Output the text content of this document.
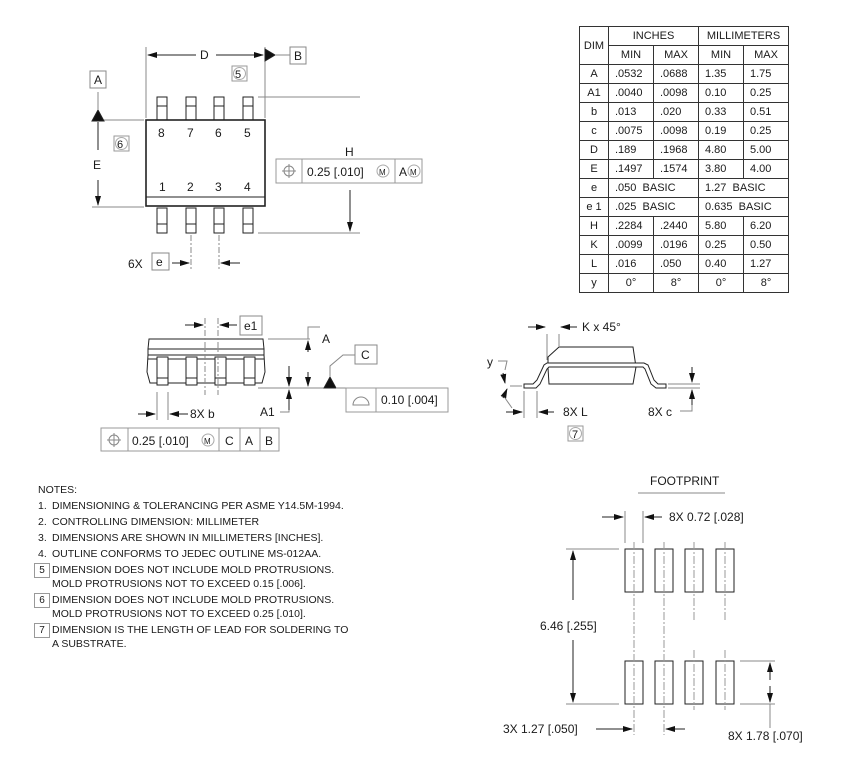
D	B
A	5
6
E
H
8 7 6 5
1 2 3 4
6X e
0.25 [.010] M A M
e1
A
A1
C
8X b
0.10 [.004]
0.25 [.010] M C A B
K x 45°
y
8X L	8X c
7
FOOTPRINT
8X 0.72 [.028]
6.46 [.255]
3X 1.27 [.050]	8X 1.78 [.070]
DIM	INCHES		MILLIMETERS	
	MIN	MAX	MIN	MAX
A	.0532	.0688	1.35	1.75
A1	.0040	.0098	0.10	0.25
b	.013	.020	0.33	0.51
c	.0075	.0098	0.19	0.25
D	.189	.1968	4.80	5.00
E	.1497	.1574	3.80	4.00
e	.050  BASIC		1.27  BASIC	
e 1	.025  BASIC		0.635  BASIC	
H	.2284	.2440	5.80	6.20
K	.0099	.0196	0.25	0.50
L	.016	.050	0.40	1.27
y	0°	8°	0°	8°
NOTES:
1. DIMENSIONING & TOLERANCING PER ASME Y14.5M-1994.
2. CONTROLLING DIMENSION: MILLIMETER
3. DIMENSIONS ARE SHOWN IN MILLIMETERS [INCHES].
4. OUTLINE CONFORMS TO JEDEC OUTLINE MS-012AA.
5 DIMENSION DOES NOT INCLUDE MOLD PROTRUSIONS.
MOLD PROTRUSIONS NOT TO EXCEED 0.15 [.006].
6 DIMENSION DOES NOT INCLUDE MOLD PROTRUSIONS.
MOLD PROTRUSIONS NOT TO EXCEED 0.25 [.010].
7 DIMENSION IS THE LENGTH OF LEAD FOR SOLDERING TO
A SUBSTRATE.
